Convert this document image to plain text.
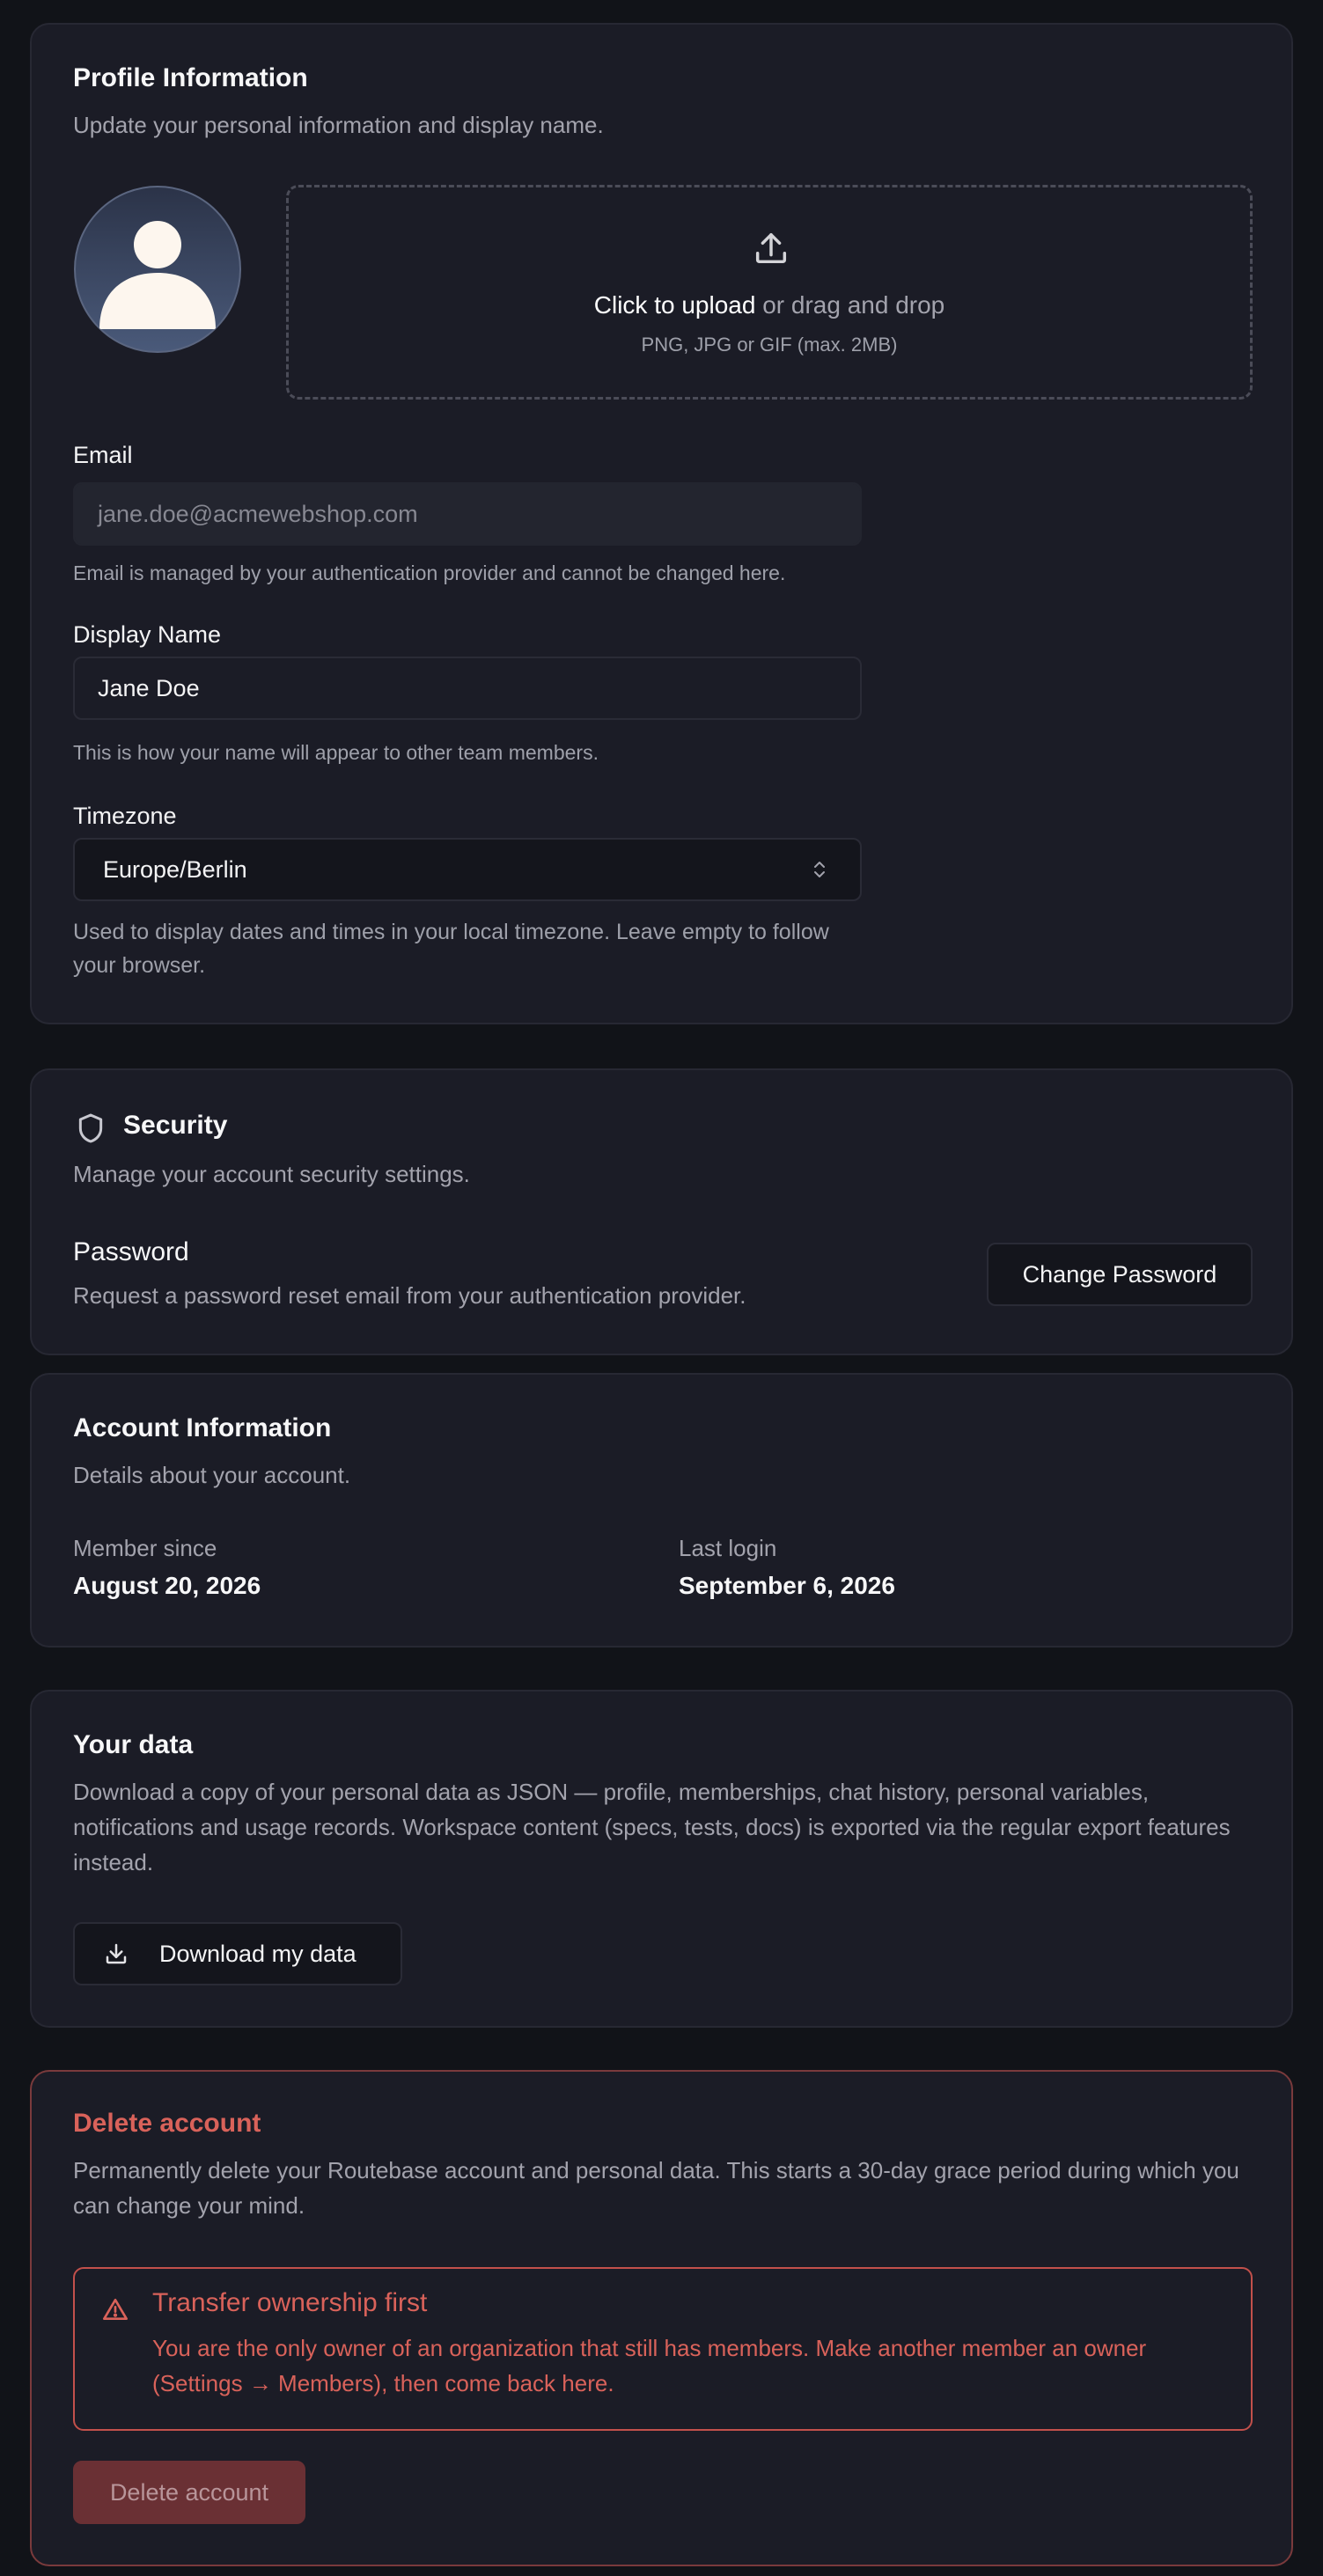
Profile Information
Update your personal information and display name.
Click to upload or drag and drop
PNG, JPG or GIF (max. 2MB)
Email
jane.doe@acmewebshop.com
Email is managed by your authentication provider and cannot be changed here.
Display Name
Jane Doe
This is how your name will appear to other team members.
Timezone
Europe/Berlin
Used to display dates and times in your local timezone. Leave empty to follow your browser.
Security
Manage your account security settings.
Password
Request a password reset email from your authentication provider.
Change Password
Account Information
Details about your account.
Member since
August 20, 2026
Last login
September 6, 2026
Your data
Download a copy of your personal data as JSON — profile, memberships, chat history, personal variables, notifications and usage records. Workspace content (specs, tests, docs) is exported via the regular export features instead.
Download my data
Delete account
Permanently delete your Routebase account and personal data. This starts a 30-day grace period during which you can change your mind.
Transfer ownership first
You are the only owner of an organization that still has members. Make another member an owner (Settings → Members), then come back here.
Delete account
